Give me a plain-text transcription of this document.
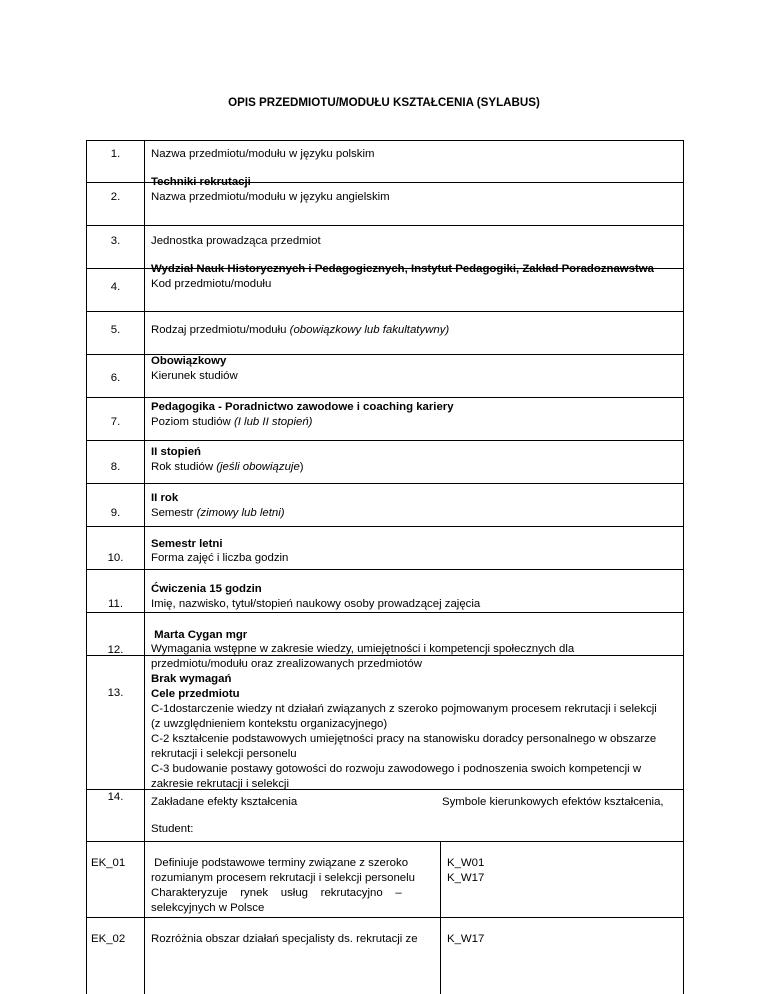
OPIS PRZEDMIOTU/MODUŁU KSZTAŁCENIA (SYLABUS)
1.	Nazwa przedmiotu/modułu w języku polskim
Techniki rekrutacji
2.	Nazwa przedmiotu/modułu w języku angielskim
3.	Jednostka prowadząca przedmiot
Wydział Nauk Historycznych i Pedagogicznych, Instytut Pedagogiki, Zakład Poradoznawstwa
4.	Kod przedmiotu/modułu
5.	Rodzaj przedmiotu/modułu (obowiązkowy lub fakultatywny)
Obowiązkowy
6.	Kierunek studiów
Pedagogika - Poradnictwo zawodowe i coaching kariery
7.	Poziom studiów (I lub II stopień)
II stopień
8.	Rok studiów (jeśli obowiązuje)
II rok
9.	Semestr (zimowy lub letni)
Semestr letni
10.	Forma zajęć i liczba godzin
Ćwiczenia 15 godzin
11.	Imię, nazwisko, tytuł/stopień naukowy osoby prowadzącej zajęcia
Marta Cygan mgr
12.	Wymagania wstępne w zakresie wiedzy, umiejętności i kompetencji społecznych dla
przedmiotu/modułu oraz zrealizowanych przedmiotów
Brak wymagań
13.	Cele przedmiotu
C-1dostarczenie wiedzy nt działań związanych z szeroko pojmowanym procesem rekrutacji i selekcji
(z uwzględnieniem kontekstu organizacyjnego)
C-2 kształcenie podstawowych umiejętności pracy na stanowisku doradcy personalnego w obszarze
rekrutacji i selekcji personelu
C-3 budowanie postawy gotowości do rozwoju zawodowego i podnoszenia swoich kompetencji w
zakresie rekrutacji i selekcji
14.	Zakładane efekty kształcenia	Symbole kierunkowych efektów kształcenia,
Student:
EK_01 Definiuje podstawowe terminy związane z szeroko
rozumianym procesem rekrutacji i selekcji personelu
Charakteryzuje    rynek    usług    rekrutacyjno    –
selekcyjnych w Polsce
K_W01
K_W17
EK_02 Rozróżnia obszar działań specjalisty ds. rekrutacji ze	K_W17
